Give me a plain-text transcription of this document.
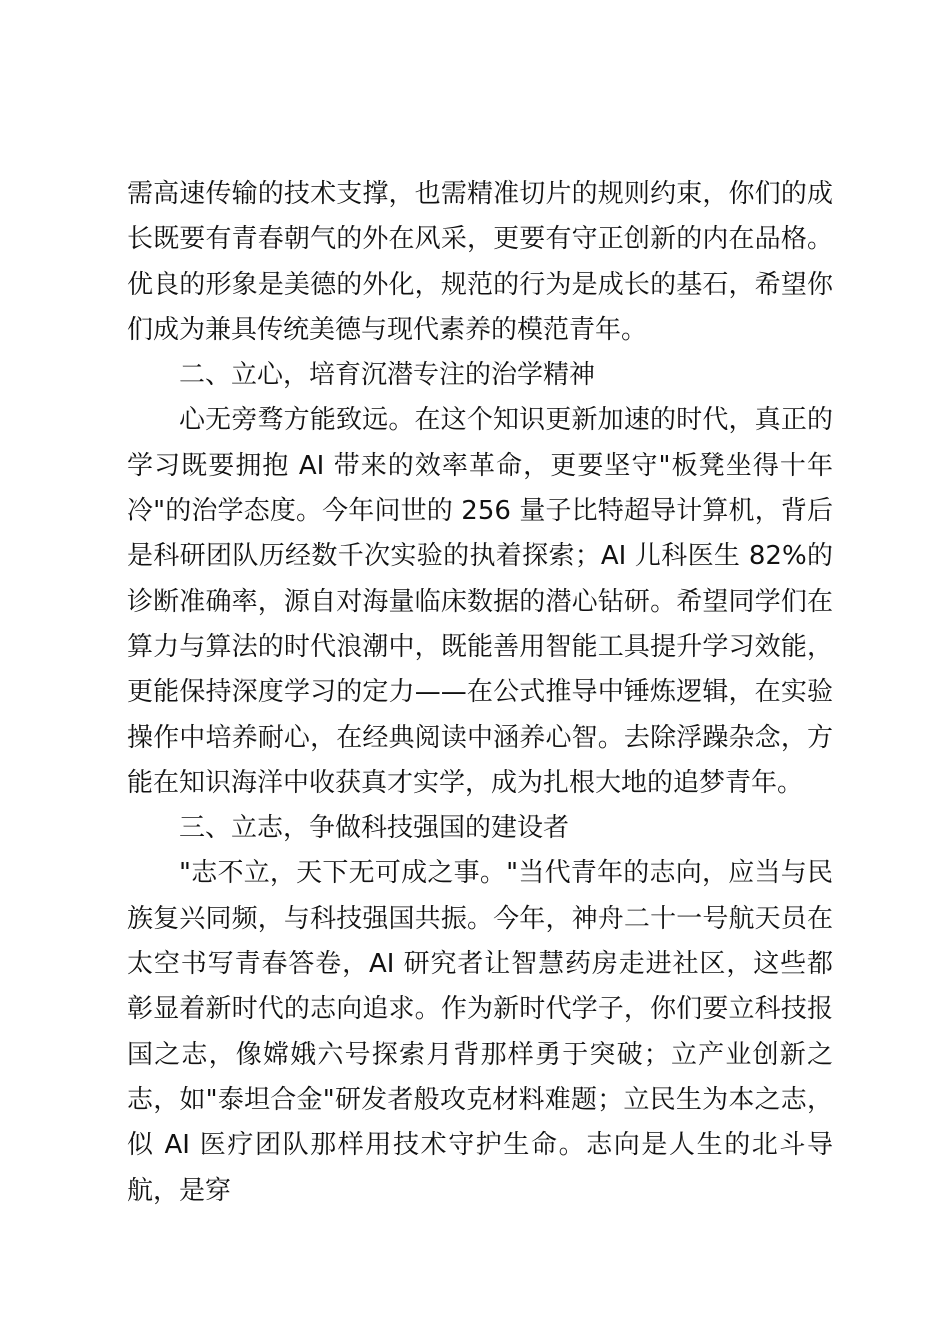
需高速传输的技术支撑，也需精准切片的规则约束，你们的成长既要有青春朝气的外在风采，更要有守正创新的内在品格。优良的形象是美德的外化，规范的行为是成长的基石，希望你们成为兼具传统美德与现代素养的模范青年。

二、立心，培育沉潜专注的治学精神

心无旁骛方能致远。在这个知识更新加速的时代，真正的学习既要拥抱 AI 带来的效率革命，更要坚守"板凳坐得十年冷"的治学态度。今年问世的 256 量子比特超导计算机，背后是科研团队历经数千次实验的执着探索；AI 儿科医生 82%的诊断准确率，源自对海量临床数据的潜心钻研。希望同学们在算力与算法的时代浪潮中，既能善用智能工具提升学习效能，更能保持深度学习的定力——在公式推导中锤炼逻辑，在实验操作中培养耐心，在经典阅读中涵养心智。去除浮躁杂念，方能在知识海洋中收获真才实学，成为扎根大地的追梦青年。

三、立志，争做科技强国的建设者

"志不立，天下无可成之事。"当代青年的志向，应当与民族复兴同频，与科技强国共振。今年，神舟二十一号航天员在太空书写青春答卷，AI 研究者让智慧药房走进社区，这些都彰显着新时代的志向追求。作为新时代学子，你们要立科技报国之志，像嫦娥六号探索月背那样勇于突破；立产业创新之志，如"泰坦合金"研发者般攻克材料难题；立民生为本之志，似 AI 医疗团队那样用技术守护生命。志向是人生的北斗导航，是穿
